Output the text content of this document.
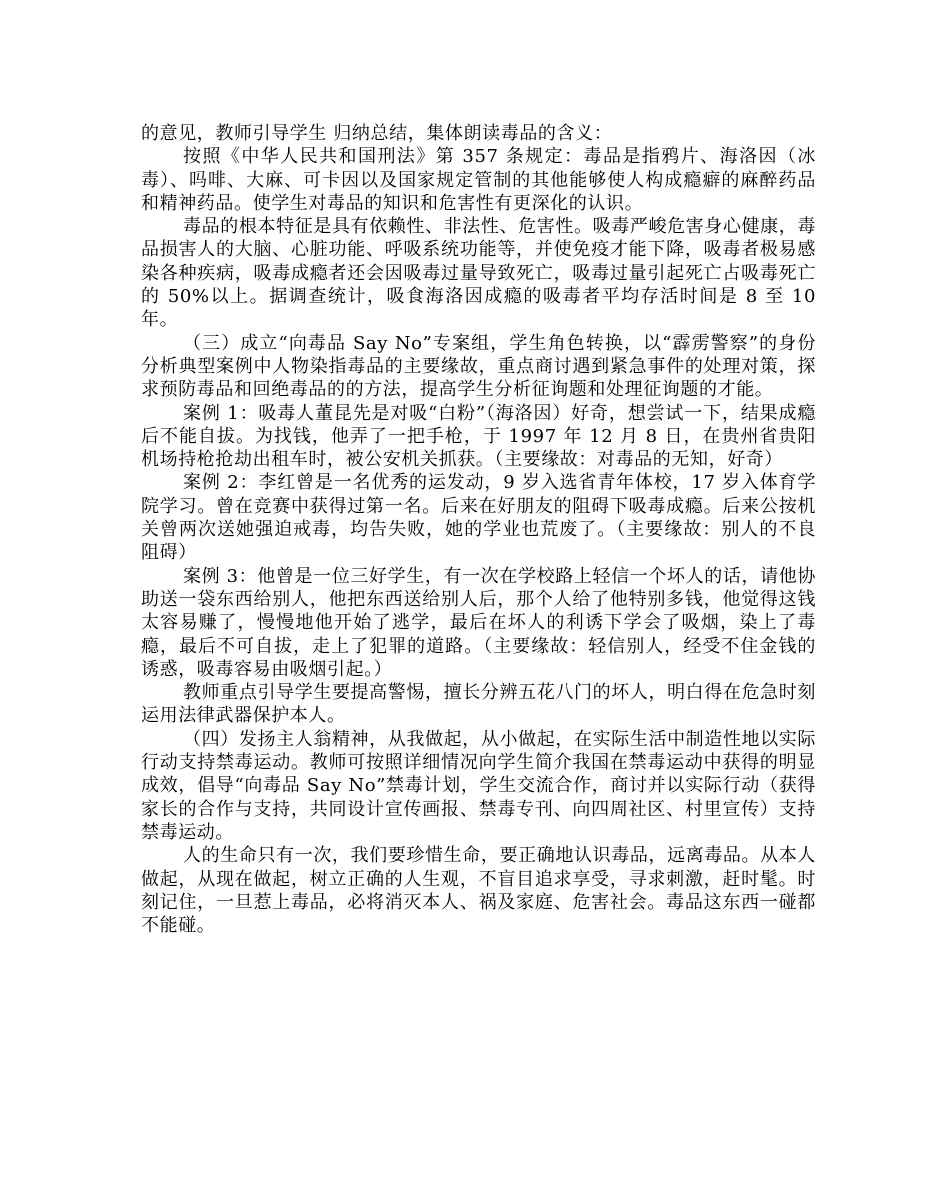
的意见，教师引导学生 归纳总结，集体朗读毒品的含义：

按照《中华人民共和国刑法》第 357 条规定：毒品是指鸦片、海洛因（冰毒）、吗啡、大麻、可卡因以及国家规定管制的其他能够使人构成瘾癖的麻醉药品和精神药品。使学生对毒品的知识和危害性有更深化的认识。

毒品的根本特征是具有依赖性、非法性、危害性。吸毒严峻危害身心健康，毒品损害人的大脑、心脏功能、呼吸系统功能等，并使免疫才能下降，吸毒者极易感染各种疾病，吸毒成瘾者还会因吸毒过量导致死亡，吸毒过量引起死亡占吸毒死亡的 50%以上。据调查统计，吸食海洛因成瘾的吸毒者平均存活时间是 8 至 10 年。

（三）成立“向毒品 Say No”专案组，学生角色转换，以“霹雳警察”的身份分析典型案例中人物染指毒品的主要缘故，重点商讨遇到紧急事件的处理对策，探求预防毒品和回绝毒品的的方法，提高学生分析征询题和处理征询题的才能。

案例 1：吸毒人董昆先是对吸“白粉”（海洛因）好奇，想尝试一下，结果成瘾后不能自拔。为找钱，他弄了一把手枪，于 1997 年 12 月 8 日，在贵州省贵阳机场持枪抢劫出租车时，被公安机关抓获。（主要缘故：对毒品的无知，好奇）

案例 2：李红曾是一名优秀的运发动，9 岁入选省青年体校，17 岁入体育学院学习。曾在竞赛中获得过第一名。后来在好朋友的阻碍下吸毒成瘾。后来公按机关曾两次送她强迫戒毒，均告失败，她的学业也荒废了。（主要缘故：别人的不良阻碍）

案例 3：他曾是一位三好学生，有一次在学校路上轻信一个坏人的话，请他协助送一袋东西给别人，他把东西送给别人后，那个人给了他特别多钱，他觉得这钱太容易赚了，慢慢地他开始了逃学，最后在坏人的利诱下学会了吸烟，染上了毒瘾，最后不可自拔，走上了犯罪的道路。（主要缘故：轻信别人，经受不住金钱的诱惑，吸毒容易由吸烟引起。）

教师重点引导学生要提高警惕，擅长分辨五花八门的坏人，明白得在危急时刻运用法律武器保护本人。

（四）发扬主人翁精神，从我做起，从小做起，在实际生活中制造性地以实际行动支持禁毒运动。教师可按照详细情况向学生简介我国在禁毒运动中获得的明显成效，倡导“向毒品 Say No”禁毒计划，学生交流合作，商讨并以实际行动（获得家长的合作与支持，共同设计宣传画报、禁毒专刊、向四周社区、村里宣传）支持禁毒运动。

人的生命只有一次，我们要珍惜生命，要正确地认识毒品，远离毒品。从本人做起，从现在做起，树立正确的人生观，不盲目追求享受，寻求刺激，赶时髦。时刻记住，一旦惹上毒品，必将消灭本人、祸及家庭、危害社会。毒品这东西一碰都不能碰。
